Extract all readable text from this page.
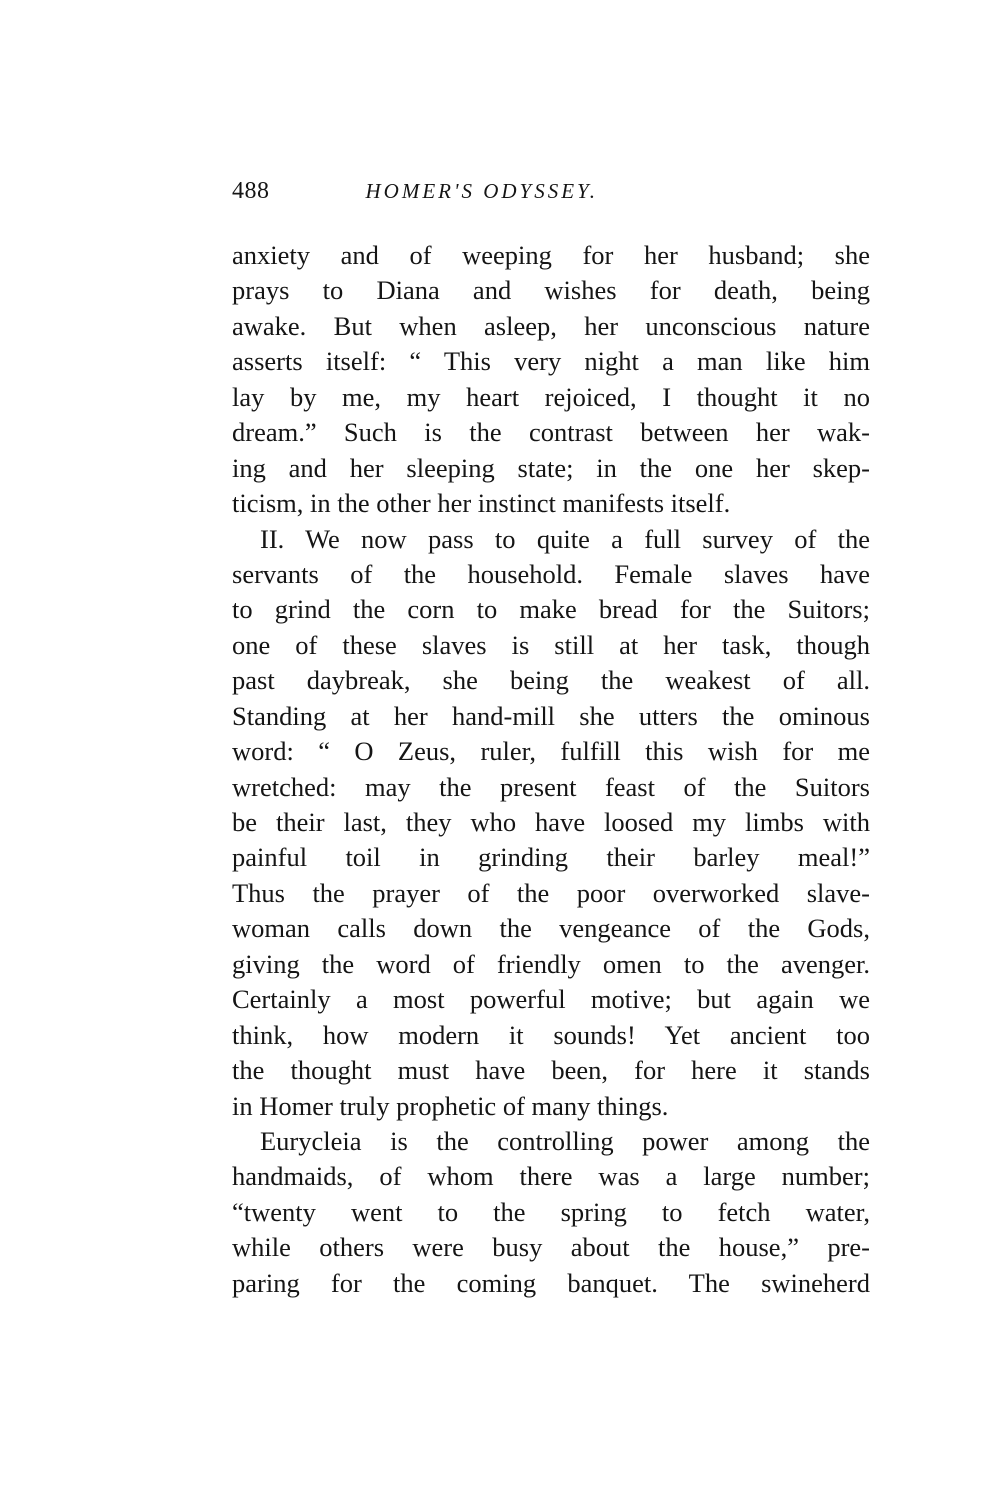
488	HOMER'S ODYSSEY.
anxiety and of weeping for her husband; she
prays to Diana and wishes for death, being
awake. But when asleep, her unconscious nature
asserts itself: “ This very night a man like him
lay by me, my heart rejoiced, I thought it no
dream.” Such is the contrast between her wak-
ing and her sleeping state; in the one her skep-
ticism, in the other her instinct manifests itself.
II. We now pass to quite a full survey of the
servants of the household. Female slaves have
to grind the corn to make bread for the Suitors;
one of these slaves is still at her task, though
past daybreak, she being the weakest of all.
Standing at her hand-mill she utters the ominous
word: “ O Zeus, ruler, fulfill this wish for me
wretched: may the present feast of the Suitors
be their last, they who have loosed my limbs with
painful toil in grinding their barley meal!”
Thus the prayer of the poor overworked slave-
woman calls down the vengeance of the Gods,
giving the word of friendly omen to the avenger.
Certainly a most powerful motive; but again we
think, how modern it sounds! Yet ancient too
the thought must have been, for here it stands
in Homer truly prophetic of many things.
Eurycleia is the controlling power among the
handmaids, of whom there was a large number;
“twenty went to the spring to fetch water,
while others were busy about the house,” pre-
paring for the coming banquet. The swineherd
